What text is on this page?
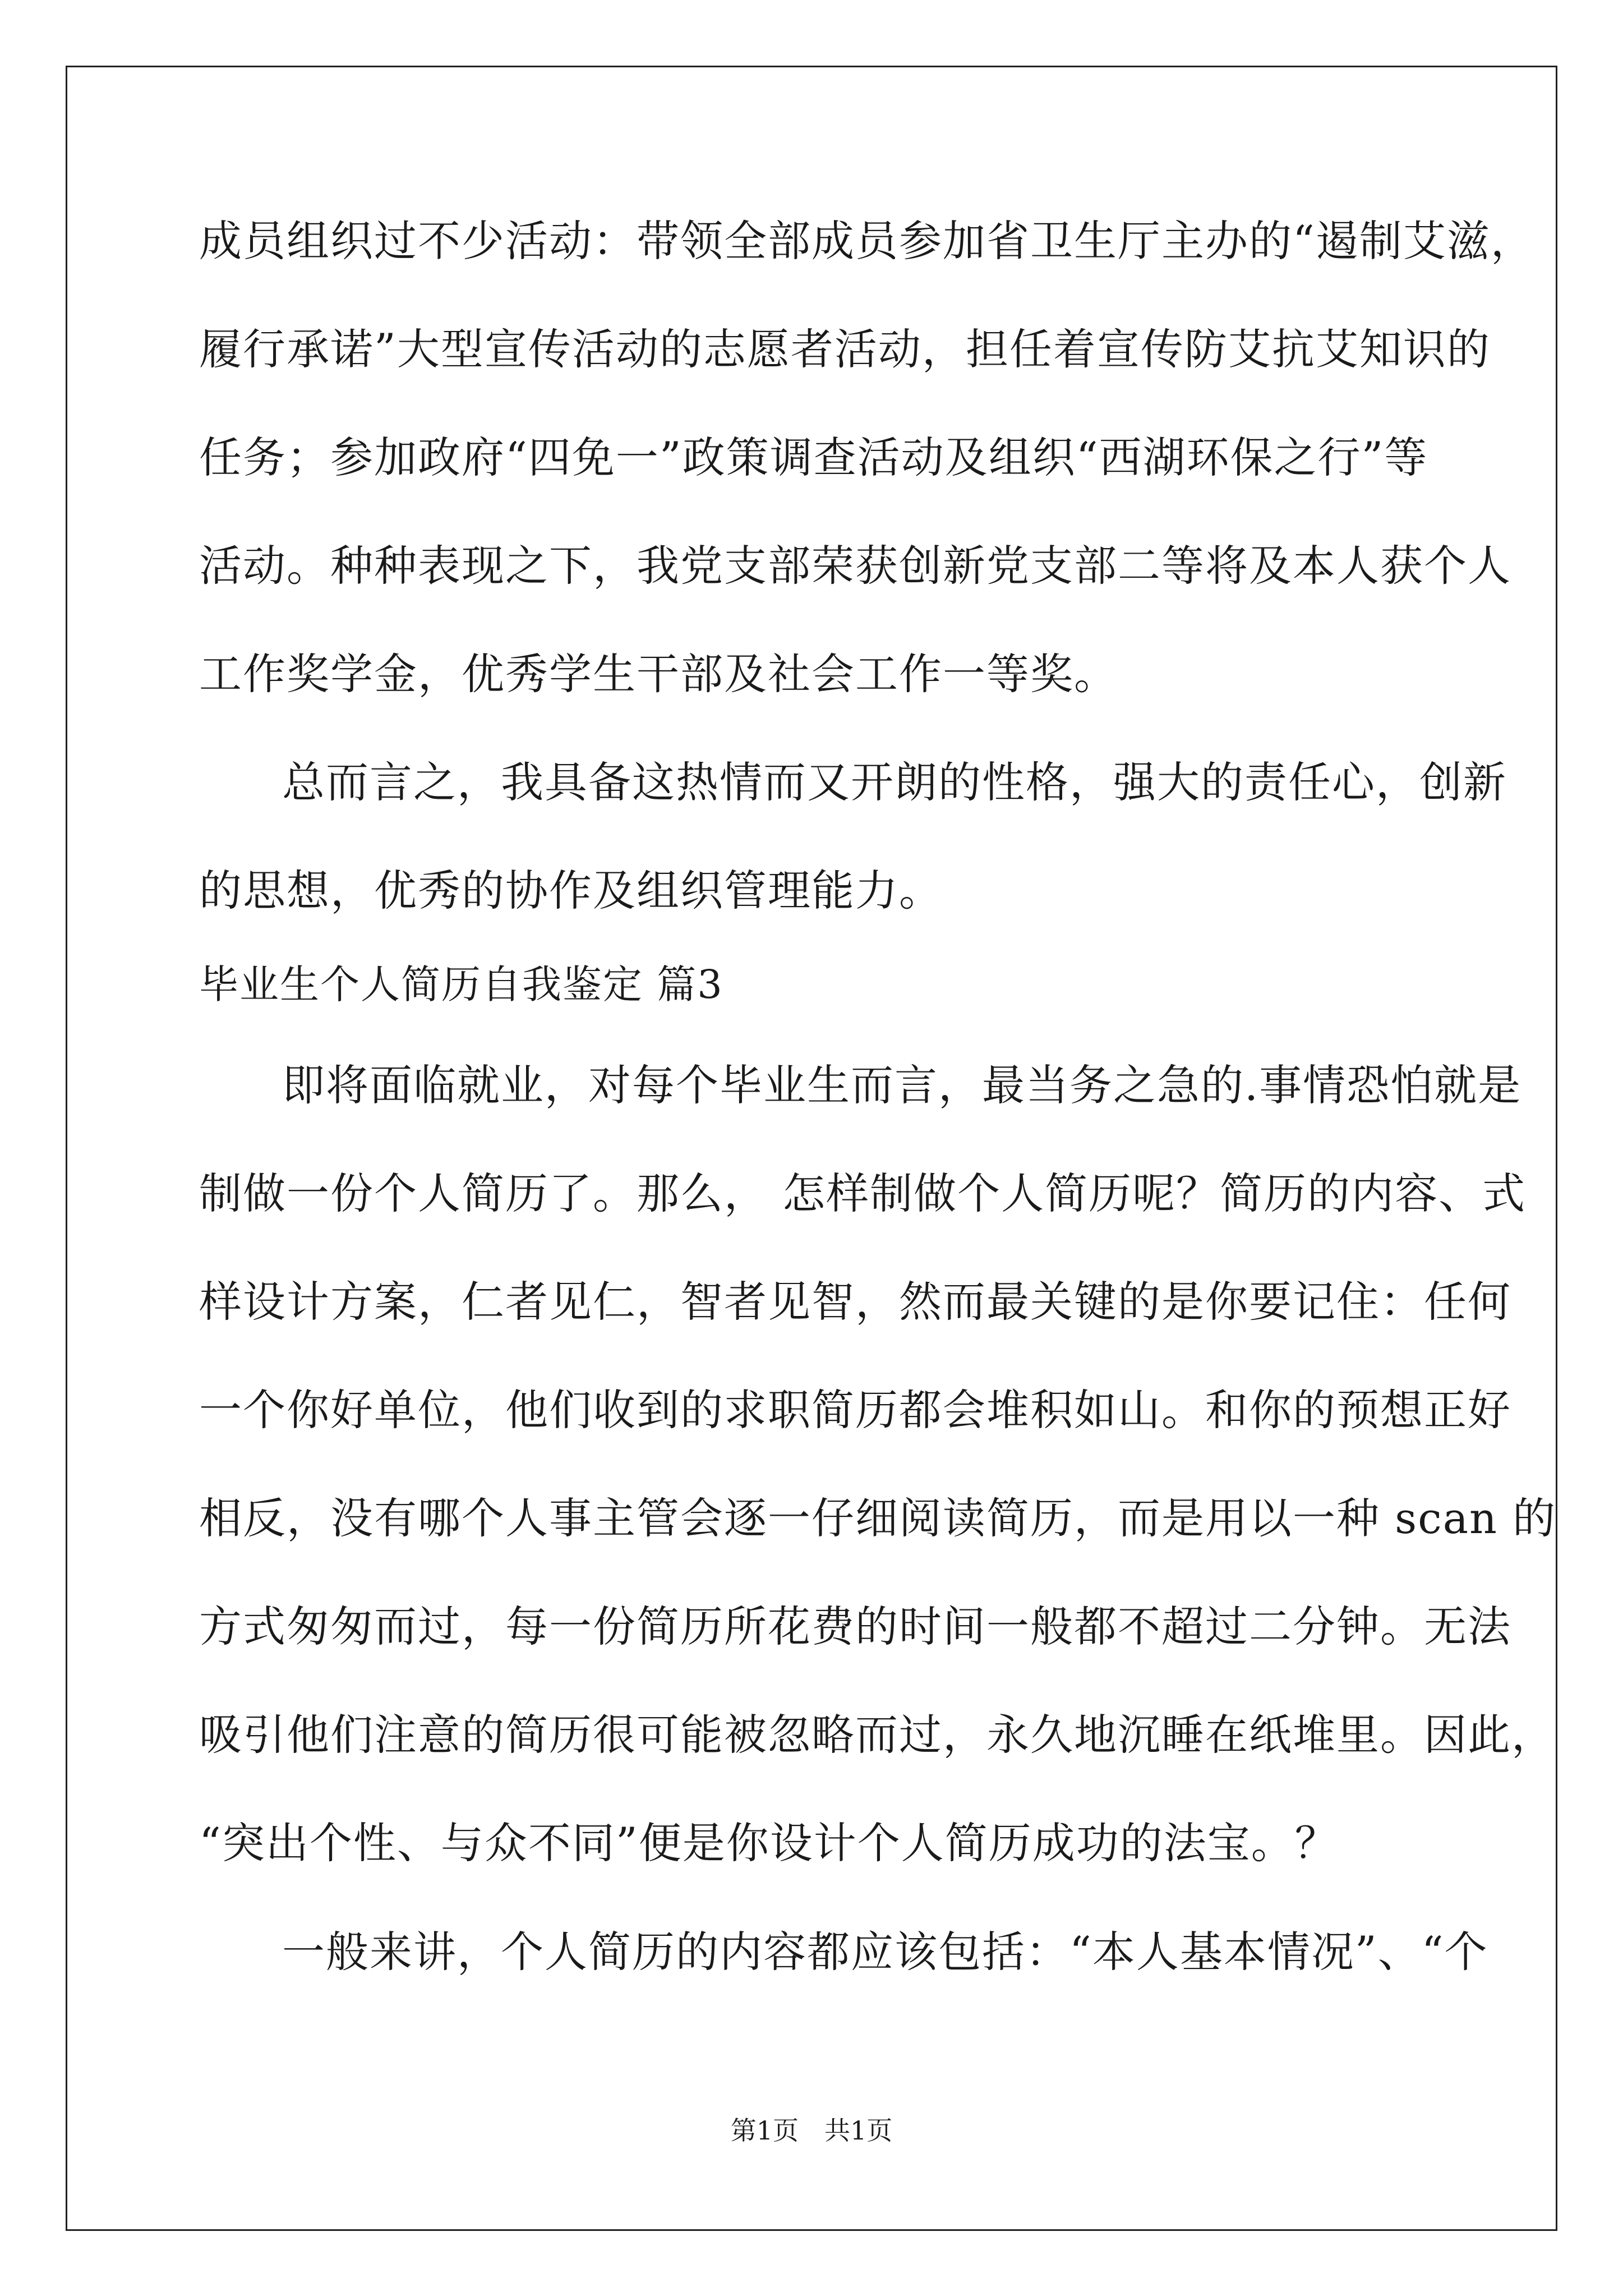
成员组织过不少活动：带领全部成员参加省卫生厅主办的“遏制艾滋，
履行承诺”大型宣传活动的志愿者活动，担任着宣传防艾抗艾知识的
任务；参加政府“四免一”政策调查活动及组织“西湖环保之行”等
活动。种种表现之下，我党支部荣获创新党支部二等将及本人获个人
工作奖学金，优秀学生干部及社会工作一等奖。
总而言之，我具备这热情而又开朗的性格，强大的责任心，创新
的思想，优秀的协作及组织管理能力。
毕业生个人简历自我鉴定 篇3
即将面临就业，对每个毕业生而言，最当务之急的.事情恐怕就是
制做一份个人简历了。那么， 怎样制做个人简历呢？简历的内容、式
样设计方案，仁者见仁，智者见智，然而最关键的是你要记住：任何
一个你好单位，他们收到的求职简历都会堆积如山。和你的预想正好
相反，没有哪个人事主管会逐一仔细阅读简历，而是用以一种 scan 的
方式匆匆而过，每一份简历所花费的时间一般都不超过二分钟。无法
吸引他们注意的简历很可能被忽略而过，永久地沉睡在纸堆里。因此，
“突出个性、与众不同”便是你设计个人简历成功的法宝。？
一般来讲，个人简历的内容都应该包括：“本人基本情况”、“个
第1页　共1页
